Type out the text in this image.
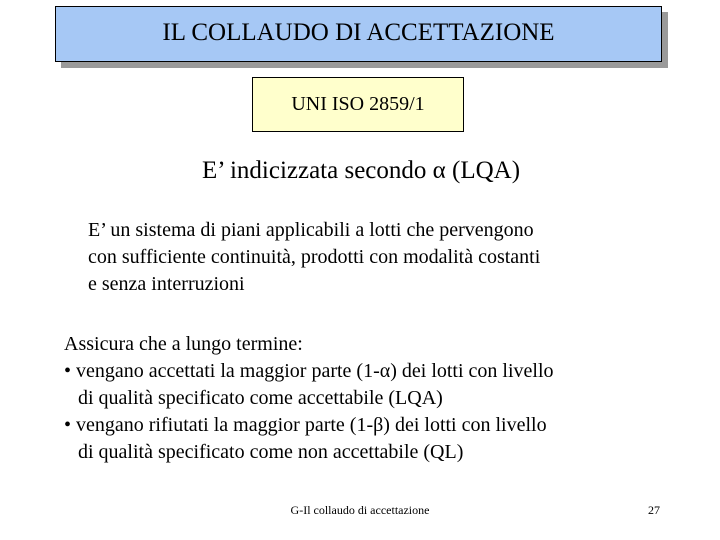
IL COLLAUDO DI ACCETTAZIONE
UNI ISO 2859/1
E’ indicizzata secondo α (LQA)
E’ un sistema di piani applicabili a lotti che pervengono
con sufficiente continuità, prodotti con modalità costanti
e senza interruzioni
Assicura che a lungo termine:
• vengano accettati la maggior parte (1-α) dei lotti con livello
di qualità specificato come accettabile (LQA)
• vengano rifiutati la maggior parte (1-β) dei lotti con livello
di qualità specificato come non accettabile (QL)
G-Il collaudo di accettazione	27
